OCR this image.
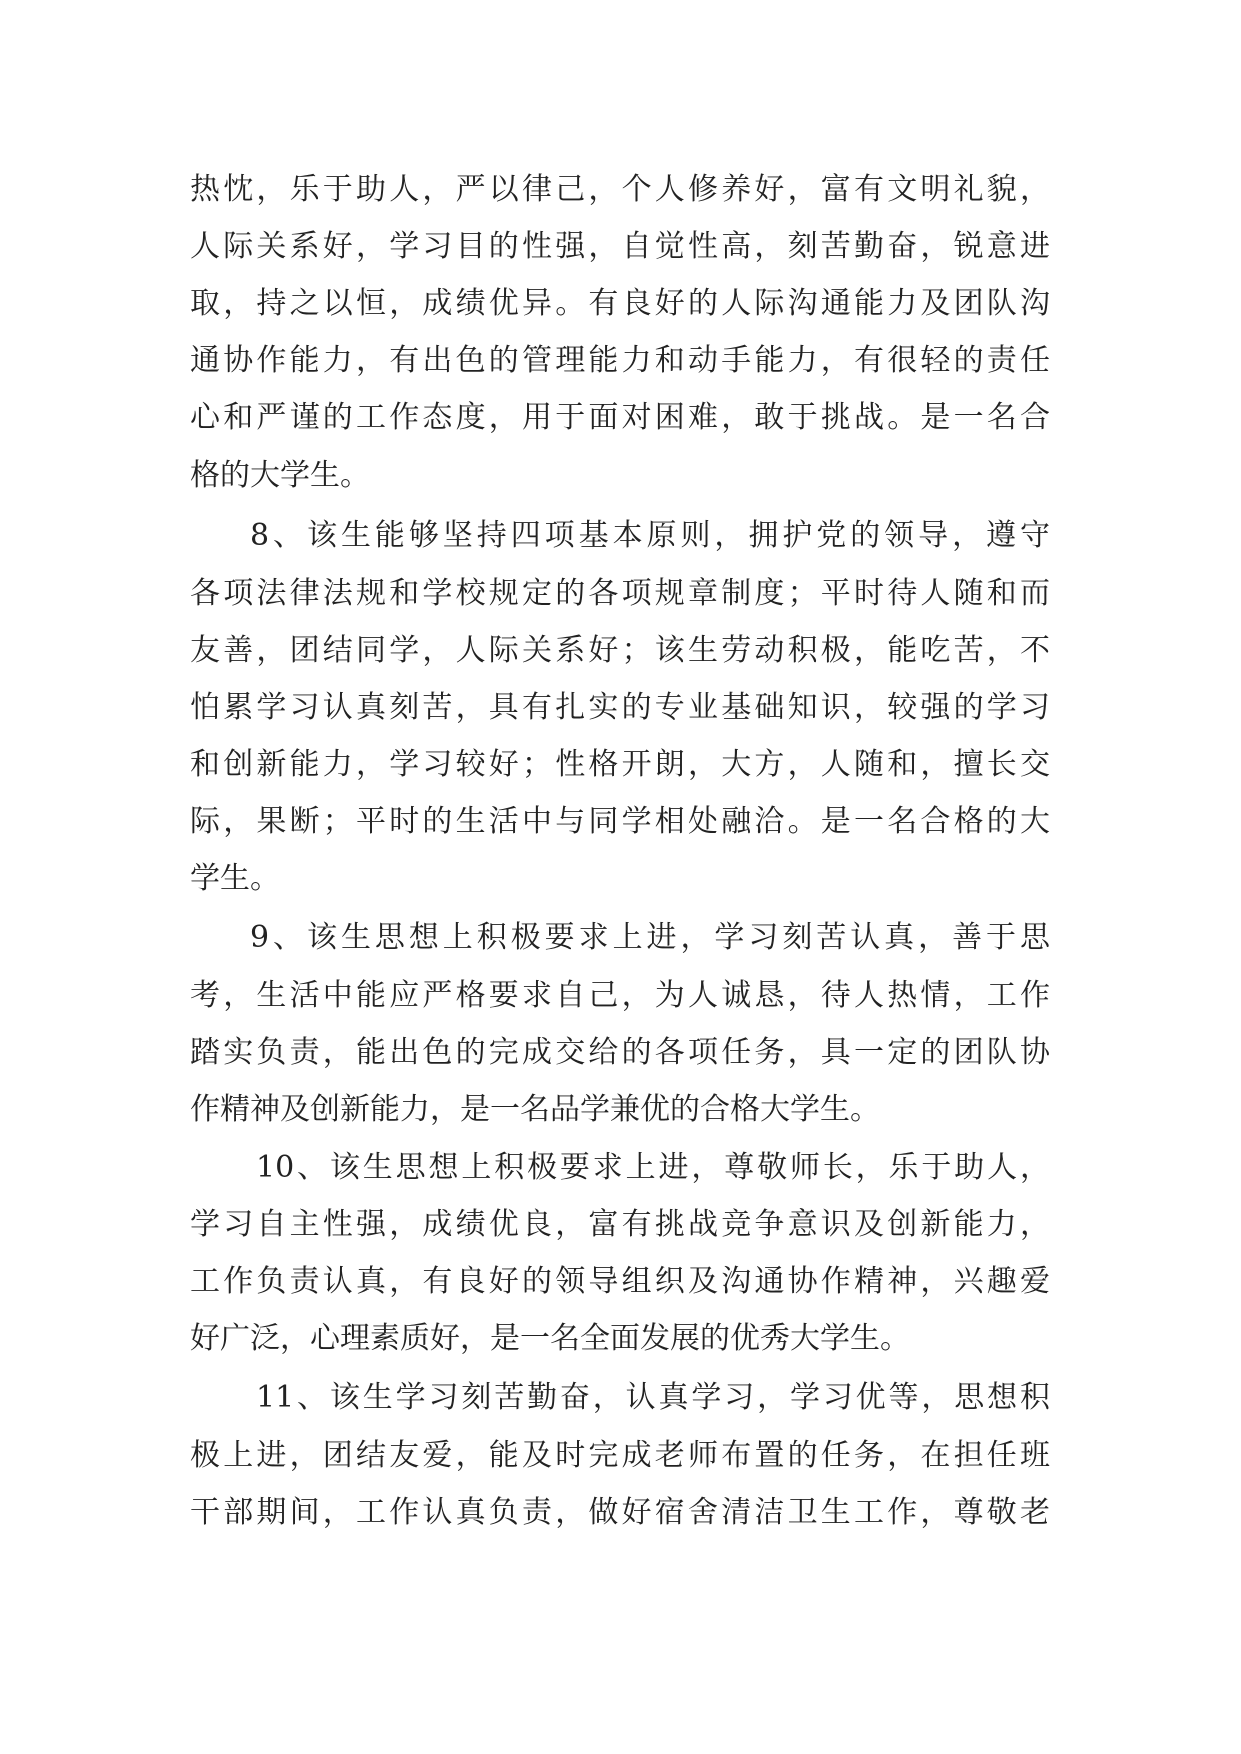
热忱，乐于助人，严以律己，个人修养好，富有文明礼貌，

人际关系好，学习目的性强，自觉性高，刻苦勤奋，锐意进

取，持之以恒，成绩优异。有良好的人际沟通能力及团队沟

通协作能力，有出色的管理能力和动手能力，有很轻的责任

心和严谨的工作态度，用于面对困难，敢于挑战。是一名合

格的大学生。

8、该生能够坚持四项基本原则，拥护党的领导，遵守

各项法律法规和学校规定的各项规章制度；平时待人随和而

友善，团结同学，人际关系好；该生劳动积极，能吃苦，不

怕累学习认真刻苦，具有扎实的专业基础知识，较强的学习

和创新能力，学习较好；性格开朗，大方，人随和，擅长交

际，果断；平时的生活中与同学相处融洽。是一名合格的大

学生。

9、该生思想上积极要求上进，学习刻苦认真，善于思

考，生活中能应严格要求自己，为人诚恳，待人热情，工作

踏实负责，能出色的完成交给的各项任务，具一定的团队协

作精神及创新能力，是一名品学兼优的合格大学生。

10、该生思想上积极要求上进，尊敬师长，乐于助人，

学习自主性强，成绩优良，富有挑战竞争意识及创新能力，

工作负责认真，有良好的领导组织及沟通协作精神，兴趣爱

好广泛，心理素质好，是一名全面发展的优秀大学生。

11、该生学习刻苦勤奋，认真学习，学习优等，思想积

极上进，团结友爱，能及时完成老师布置的任务，在担任班

干部期间，工作认真负责，做好宿舍清洁卫生工作，尊敬老
